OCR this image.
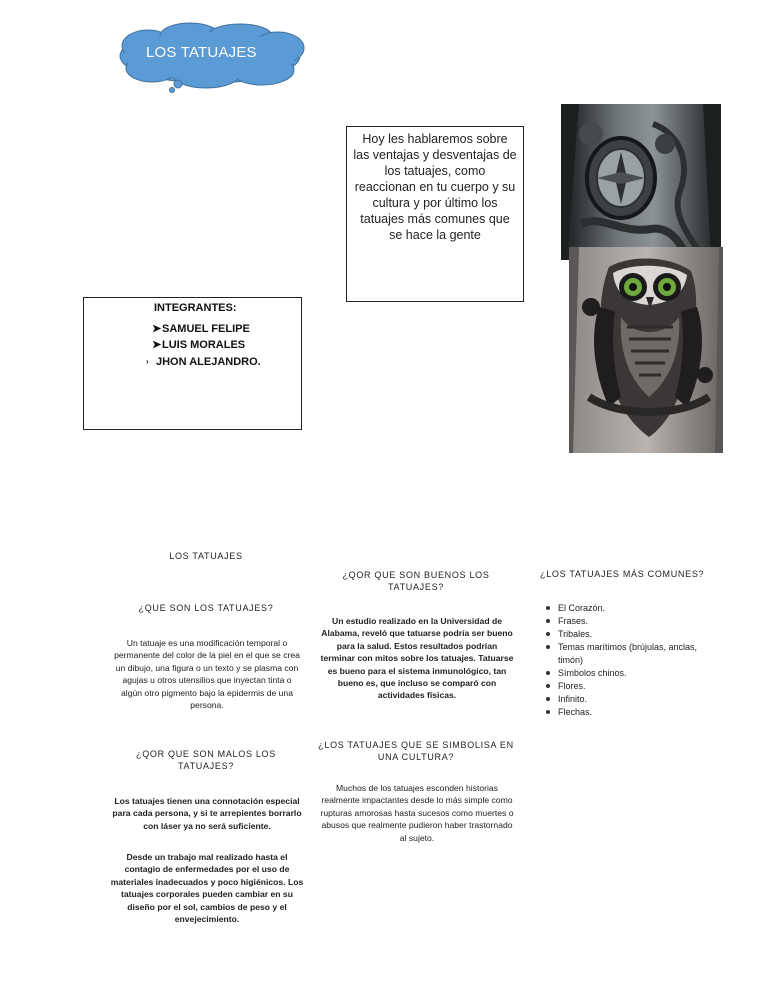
LOS TATUAJES
Hoy les hablaremos sobre las ventajas y desventajas de los tatuajes, como reaccionan en tu cuerpo y su cultura y por último los tatuajes más comunes que se hace la gente
INTEGRANTES:
➤SAMUEL FELIPE
➤LUIS MORALES
› JHON ALEJANDRO.
LOS TATUAJES
¿QUE SON LOS TATUAJES?
Un tatuaje es una modificación temporal o permanente del color de la piel en el que se crea un dibujo, una figura o un texto y se plasma con agujas u otros utensilios que inyectan tinta o algún otro pigmento bajo la epidermis de una persona.
¿QOR QUE SON MALOS LOS TATUAJES?
Los tatuajes tienen una connotación especial para cada persona, y si te arrepientes borrarlo con láser ya no será suficiente.
Desde un trabajo mal realizado hasta el contagio de enfermedades por el uso de materiales inadecuados y poco higiénicos. Los tatuajes corporales pueden cambiar en su diseño por el sol, cambios de peso y el envejecimiento.
¿QOR QUE SON BUENOS LOS TATUAJES?
Un estudio realizado en la Universidad de Alabama, reveló que tatuarse podría ser bueno para la salud. Estos resultados podrían terminar con mitos sobre los tatuajes. Tatuarse es bueno para el sistema inmunológico, tan bueno es, que incluso se comparó con actividades físicas.
¿LOS TATUAJES QUE SE SIMBOLISA EN UNA CULTURA?
Muchos de los tatuajes esconden historias realmente impactantes desde lo más simple como rupturas amorosas hasta sucesos como muertes o abusos que realmente pudieron haber trastornado al sujeto.
¿LOS TATUAJES MÁS COMUNES?
El Corazón.
Frases.
Tribales.
Temas marítimos (brújulas, anclas, timón)
Símbolos chinos.
Flores.
Infinito.
Flechas.
